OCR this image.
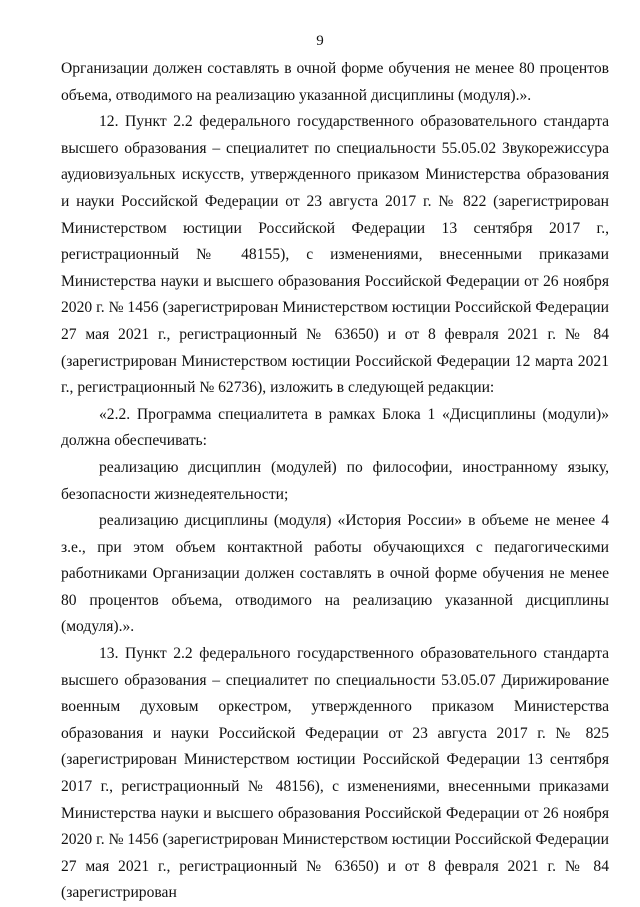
9

Организации должен составлять в очной форме обучения не менее 80 процентов объема, отводимого на реализацию указанной дисциплины (модуля).».

12. Пункт 2.2 федерального государственного образовательного стандарта высшего образования – специалитет по специальности 55.05.02 Звукорежиссура аудиовизуальных искусств, утвержденного приказом Министерства образования и науки Российской Федерации от 23 августа 2017 г. № 822 (зарегистрирован Министерством юстиции Российской Федерации 13 сентября 2017 г., регистрационный № 48155), с изменениями, внесенными приказами Министерства науки и высшего образования Российской Федерации от 26 ноября 2020 г. № 1456 (зарегистрирован Министерством юстиции Российской Федерации 27 мая 2021 г., регистрационный № 63650) и от 8 февраля 2021 г. № 84 (зарегистрирован Министерством юстиции Российской Федерации 12 марта 2021 г., регистрационный № 62736), изложить в следующей редакции:

«2.2. Программа специалитета в рамках Блока 1 «Дисциплины (модули)» должна обеспечивать:

реализацию дисциплин (модулей) по философии, иностранному языку, безопасности жизнедеятельности;

реализацию дисциплины (модуля) «История России» в объеме не менее 4 з.е., при этом объем контактной работы обучающихся с педагогическими работниками Организации должен составлять в очной форме обучения не менее 80 процентов объема, отводимого на реализацию указанной дисциплины (модуля).».

13. Пункт 2.2 федерального государственного образовательного стандарта высшего образования – специалитет по специальности 53.05.07 Дирижирование военным духовым оркестром, утвержденного приказом Министерства образования и науки Российской Федерации от 23 августа 2017 г. № 825 (зарегистрирован Министерством юстиции Российской Федерации 13 сентября 2017 г., регистрационный № 48156), с изменениями, внесенными приказами Министерства науки и высшего образования Российской Федерации от 26 ноября 2020 г. № 1456 (зарегистрирован Министерством юстиции Российской Федерации 27 мая 2021 г., регистрационный № 63650) и от 8 февраля 2021 г. № 84 (зарегистрирован
